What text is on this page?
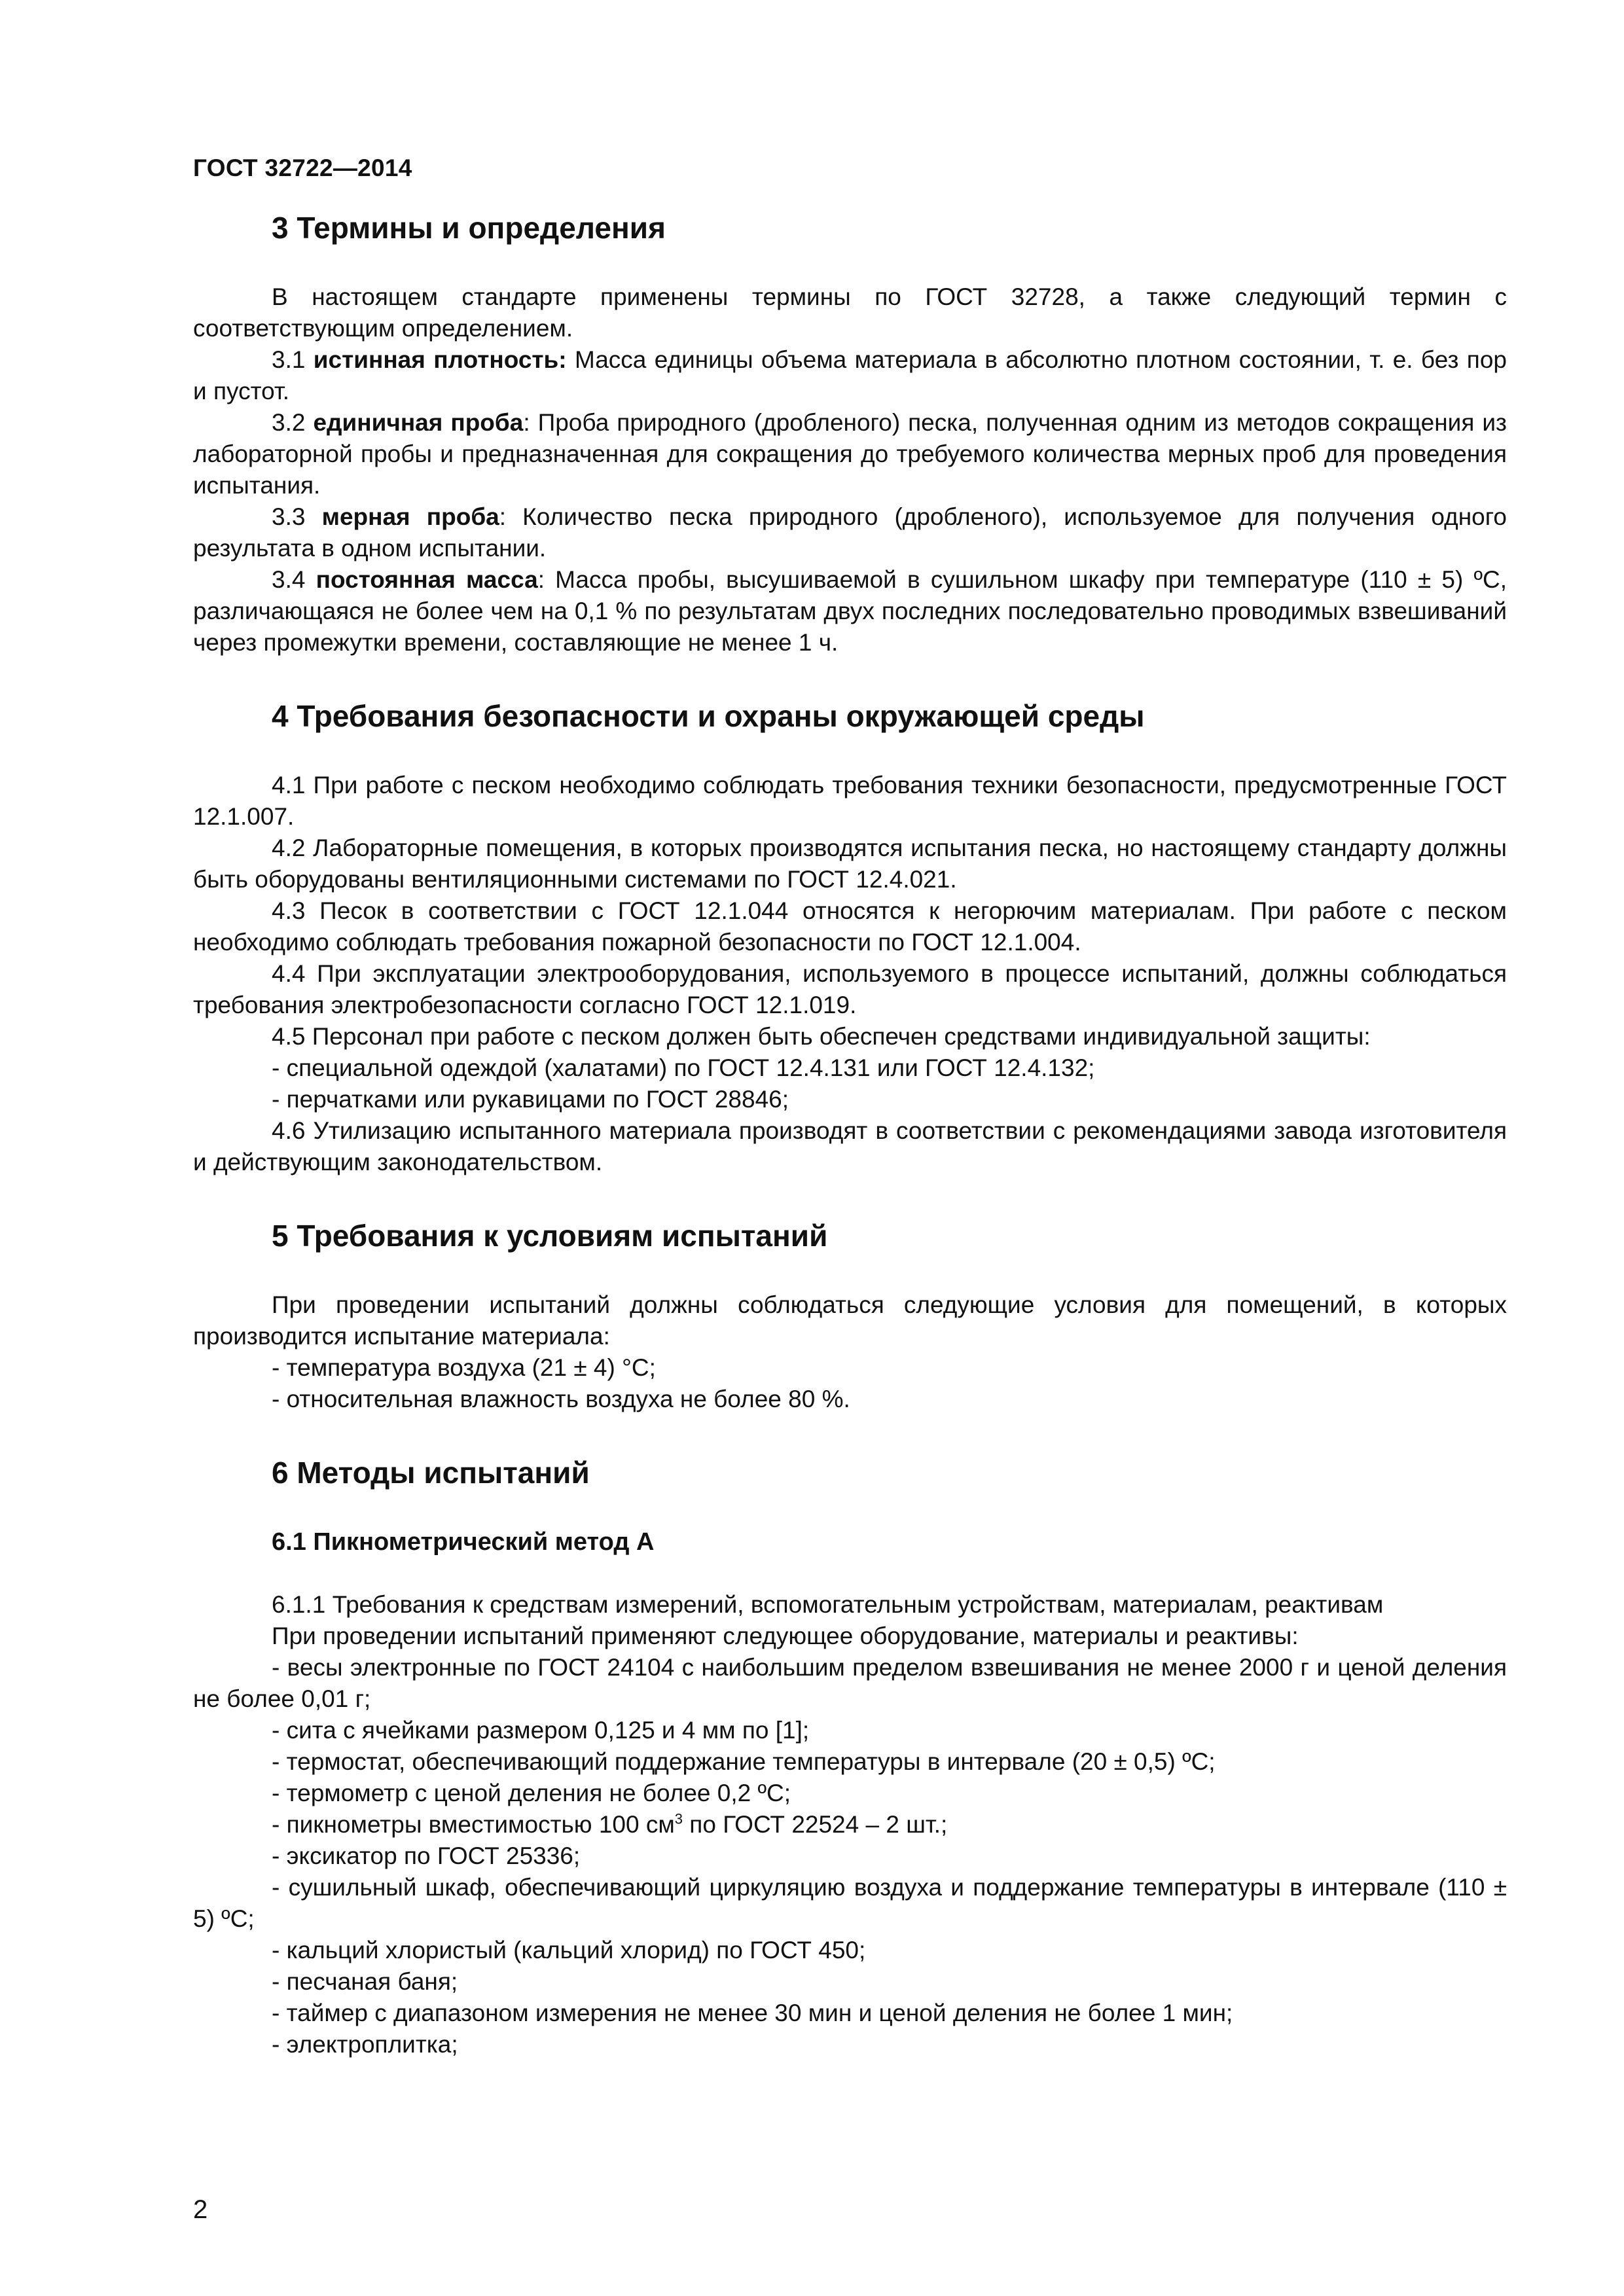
ГОСТ 32722—2014

3 Термины и определения

В настоящем стандарте применены термины по ГОСТ 32728, а также следующий термин с соответствующим определением.

3.1 истинная плотность: Масса единицы объема материала в абсолютно плотном состоянии, т. е. без пор и пустот.

3.2 единичная проба: Проба природного (дробленого) песка, полученная одним из методов сокращения из лабораторной пробы и предназначенная для сокращения до требуемого количества мерных проб для проведения испытания.

3.3 мерная проба: Количество песка природного (дробленого), используемое для получения одного результата в одном испытании.

3.4 постоянная масса: Масса пробы, высушиваемой в сушильном шкафу при температуре (110 ± 5) ºС, различающаяся не более чем на 0,1 % по результатам двух последних последовательно проводимых взвешиваний через промежутки времени, составляющие не менее 1 ч.

4 Требования безопасности и охраны окружающей среды

4.1 При работе с песком необходимо соблюдать требования техники безопасности, предусмотренные ГОСТ 12.1.007.

4.2 Лабораторные помещения, в которых производятся испытания песка, но настоящему стандарту должны быть оборудованы вентиляционными системами по ГОСТ 12.4.021.

4.3 Песок в соответствии с ГОСТ 12.1.044 относятся к негорючим материалам. При работе с песком необходимо соблюдать требования пожарной безопасности по ГОСТ 12.1.004.

4.4 При эксплуатации электрооборудования, используемого в процессе испытаний, должны соблюдаться требования электробезопасности согласно ГОСТ 12.1.019.

4.5 Персонал при работе с песком должен быть обеспечен средствами индивидуальной защиты:

- специальной одеждой (халатами) по ГОСТ 12.4.131 или ГОСТ 12.4.132;

- перчатками или рукавицами по ГОСТ 28846;

4.6 Утилизацию испытанного материала производят в соответствии с рекомендациями завода изготовителя и действующим законодательством.

5 Требования к условиям испытаний

При проведении испытаний должны соблюдаться следующие условия для помещений, в которых производится испытание материала:

- температура воздуха (21 ± 4) °С;

- относительная влажность воздуха не более 80 %.

6 Методы испытаний
6.1 Пикнометрический метод А

6.1.1 Требования к средствам измерений, вспомогательным устройствам, материалам, реактивам

При проведении испытаний применяют следующее оборудование, материалы и реактивы:

- весы электронные по ГОСТ 24104 с наибольшим пределом взвешивания не менее 2000 г и ценой деления не более 0,01 г;

- сита с ячейками размером 0,125 и 4 мм по [1];

- термостат, обеспечивающий поддержание температуры в интервале (20 ± 0,5) ºС;

- термометр с ценой деления не более 0,2 ºС;

- пикнометры вместимостью 100 $см^3$ по ГОСТ 22524 – 2 шт.;

- эксикатор по ГОСТ 25336;

- сушильный шкаф, обеспечивающий циркуляцию воздуха и поддержание температуры в интервале (110 ± 5) ºС;

- кальций хлористый (кальций хлорид) по ГОСТ 450;

- песчаная баня;

- таймер с диапазоном измерения не менее 30 мин и ценой деления не более 1 мин;

- электроплитка;

2
